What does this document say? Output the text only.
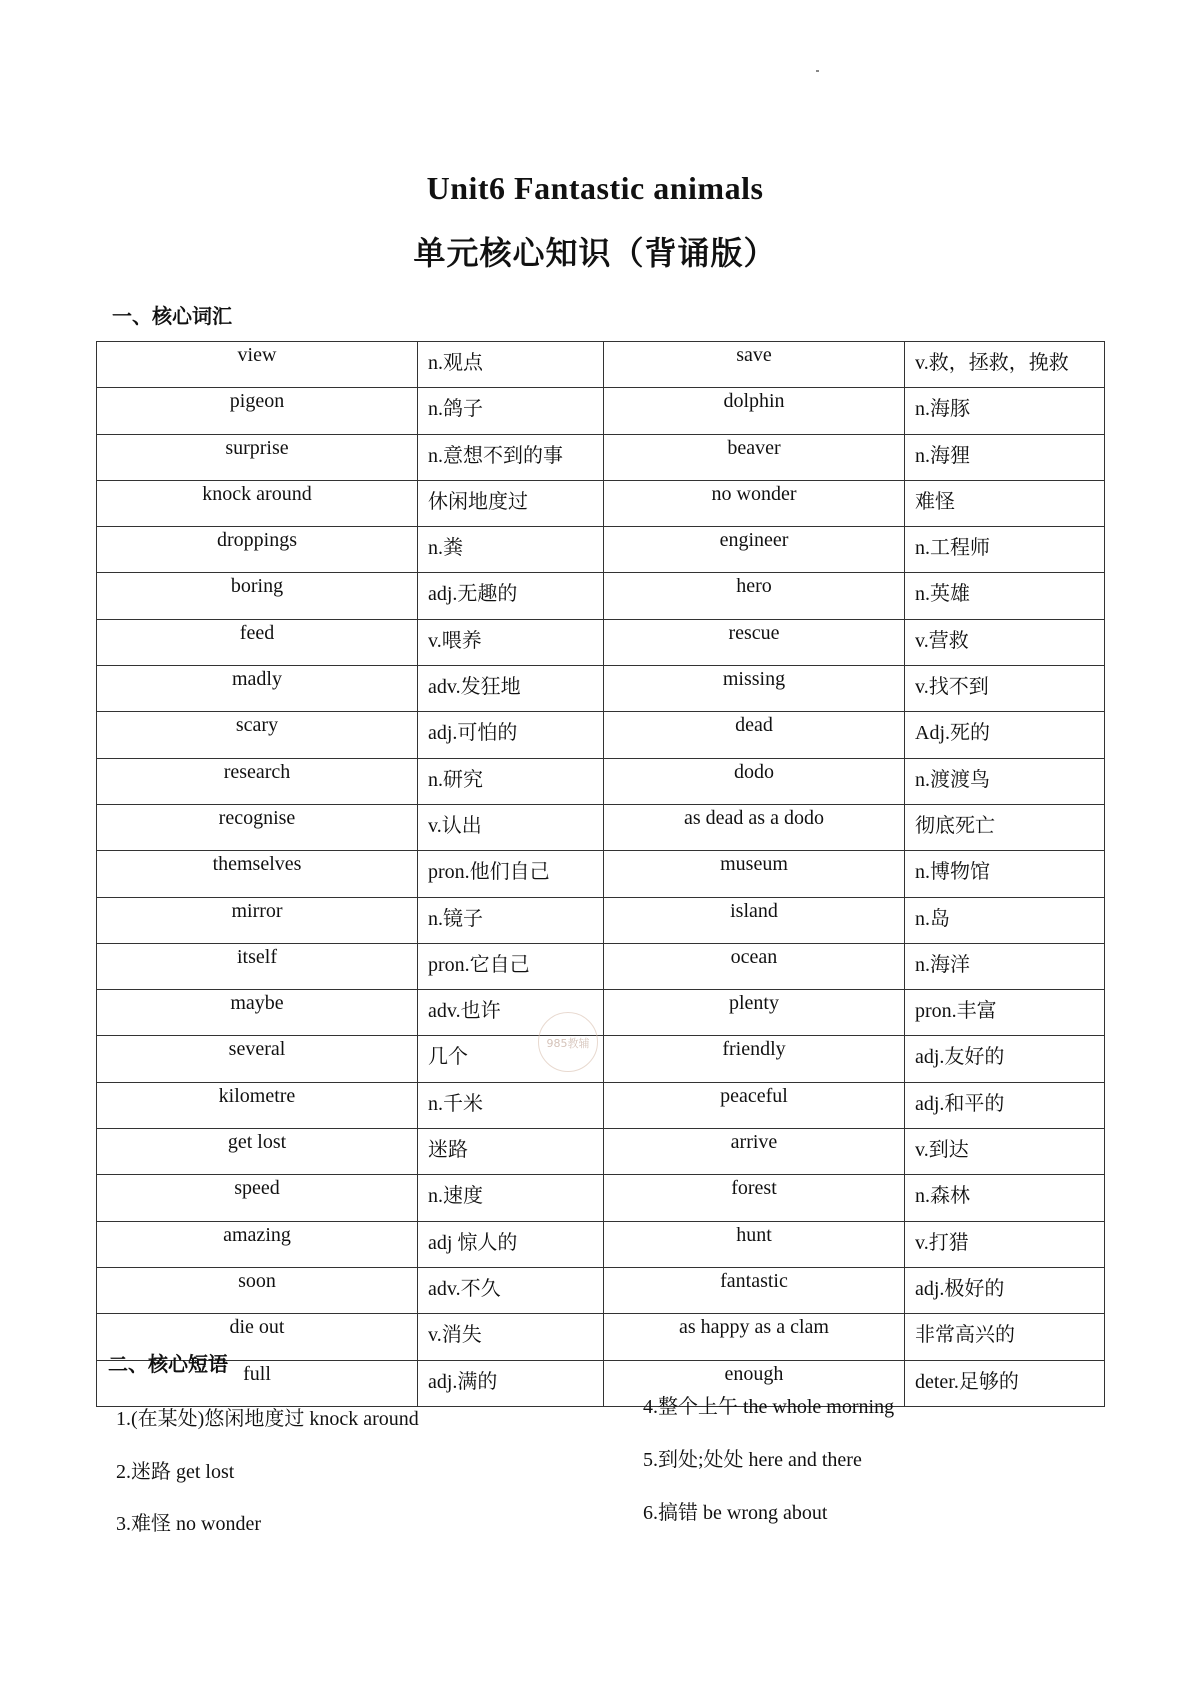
Unit6 Fantastic animals
单元核心知识（背诵版）
一、核心词汇
view	n.观点	save	v.救，拯救，挽救
pigeon	n.鸽子	dolphin	n.海豚
surprise	n.意想不到的事	beaver	n.海狸
knock around	休闲地度过	no wonder	难怪
droppings	n.粪	engineer	n.工程师
boring	adj.无趣的	hero	n.英雄
feed	v.喂养	rescue	v.营救
madly	adv.发狂地	missing	v.找不到
scary	adj.可怕的	dead	Adj.死的
research	n.研究	dodo	n.渡渡鸟
recognise	v.认出	as dead as a dodo	彻底死亡
themselves	pron.他们自己	museum	n.博物馆
mirror	n.镜子	island	n.岛
itself	pron.它自己	ocean	n.海洋
maybe	adv.也许	plenty	pron.丰富
several	几个	friendly	adj.友好的
kilometre	n.千米	peaceful	adj.和平的
get lost	迷路	arrive	v.到达
speed	n.速度	forest	n.森林
amazing	adj 惊人的	hunt	v.打猎
soon	adv.不久	fantastic	adj.极好的
die out	v.消失	as happy as a clam	非常高兴的
full	adj.满的	enough	deter.足够的
985教辅
二、核心短语
1.(在某处)悠闲地度过 knock around
2.迷路 get lost
3.难怪 no wonder
4.整个上午 the whole morning
5.到处;处处 here and there
6.搞错 be wrong about
